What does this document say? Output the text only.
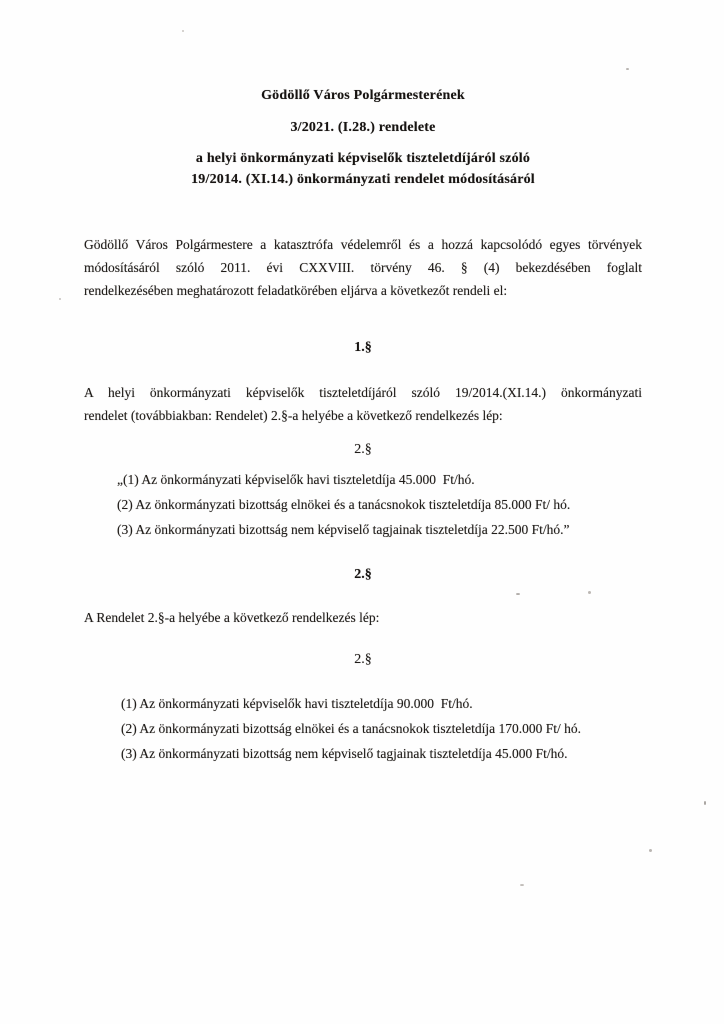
Gödöllő Város Polgármesterének
3/2021. (I.28.) rendelete
a helyi önkormányzati képviselők tiszteletdíjáról szóló
19/2014. (XI.14.) önkormányzati rendelet módosításáról
Gödöllő Város Polgármestere a katasztrófa védelemről és a hozzá kapcsolódó egyes törvények
módosításáról szóló 2011. évi CXXVIII. törvény 46. § (4) bekezdésében foglalt
rendelkezésében meghatározott feladatkörében eljárva a következőt rendeli el:
1.§
A helyi önkormányzati képviselők tiszteletdíjáról szóló 19/2014.(XI.14.) önkormányzati
rendelet (továbbiakban: Rendelet) 2.§-a helyébe a következő rendelkezés lép:
2.§
„(1) Az önkormányzati képviselők havi tiszteletdíja 45.000  Ft/hó.
(2) Az önkormányzati bizottság elnökei és a tanácsnokok tiszteletdíja 85.000 Ft/ hó.
(3) Az önkormányzati bizottság nem képviselő tagjainak tiszteletdíja 22.500 Ft/hó.”
2.§
A Rendelet 2.§-a helyébe a következő rendelkezés lép:
2.§
(1) Az önkormányzati képviselők havi tiszteletdíja 90.000  Ft/hó.
(2) Az önkormányzati bizottság elnökei és a tanácsnokok tiszteletdíja 170.000 Ft/ hó.
(3) Az önkormányzati bizottság nem képviselő tagjainak tiszteletdíja 45.000 Ft/hó.
